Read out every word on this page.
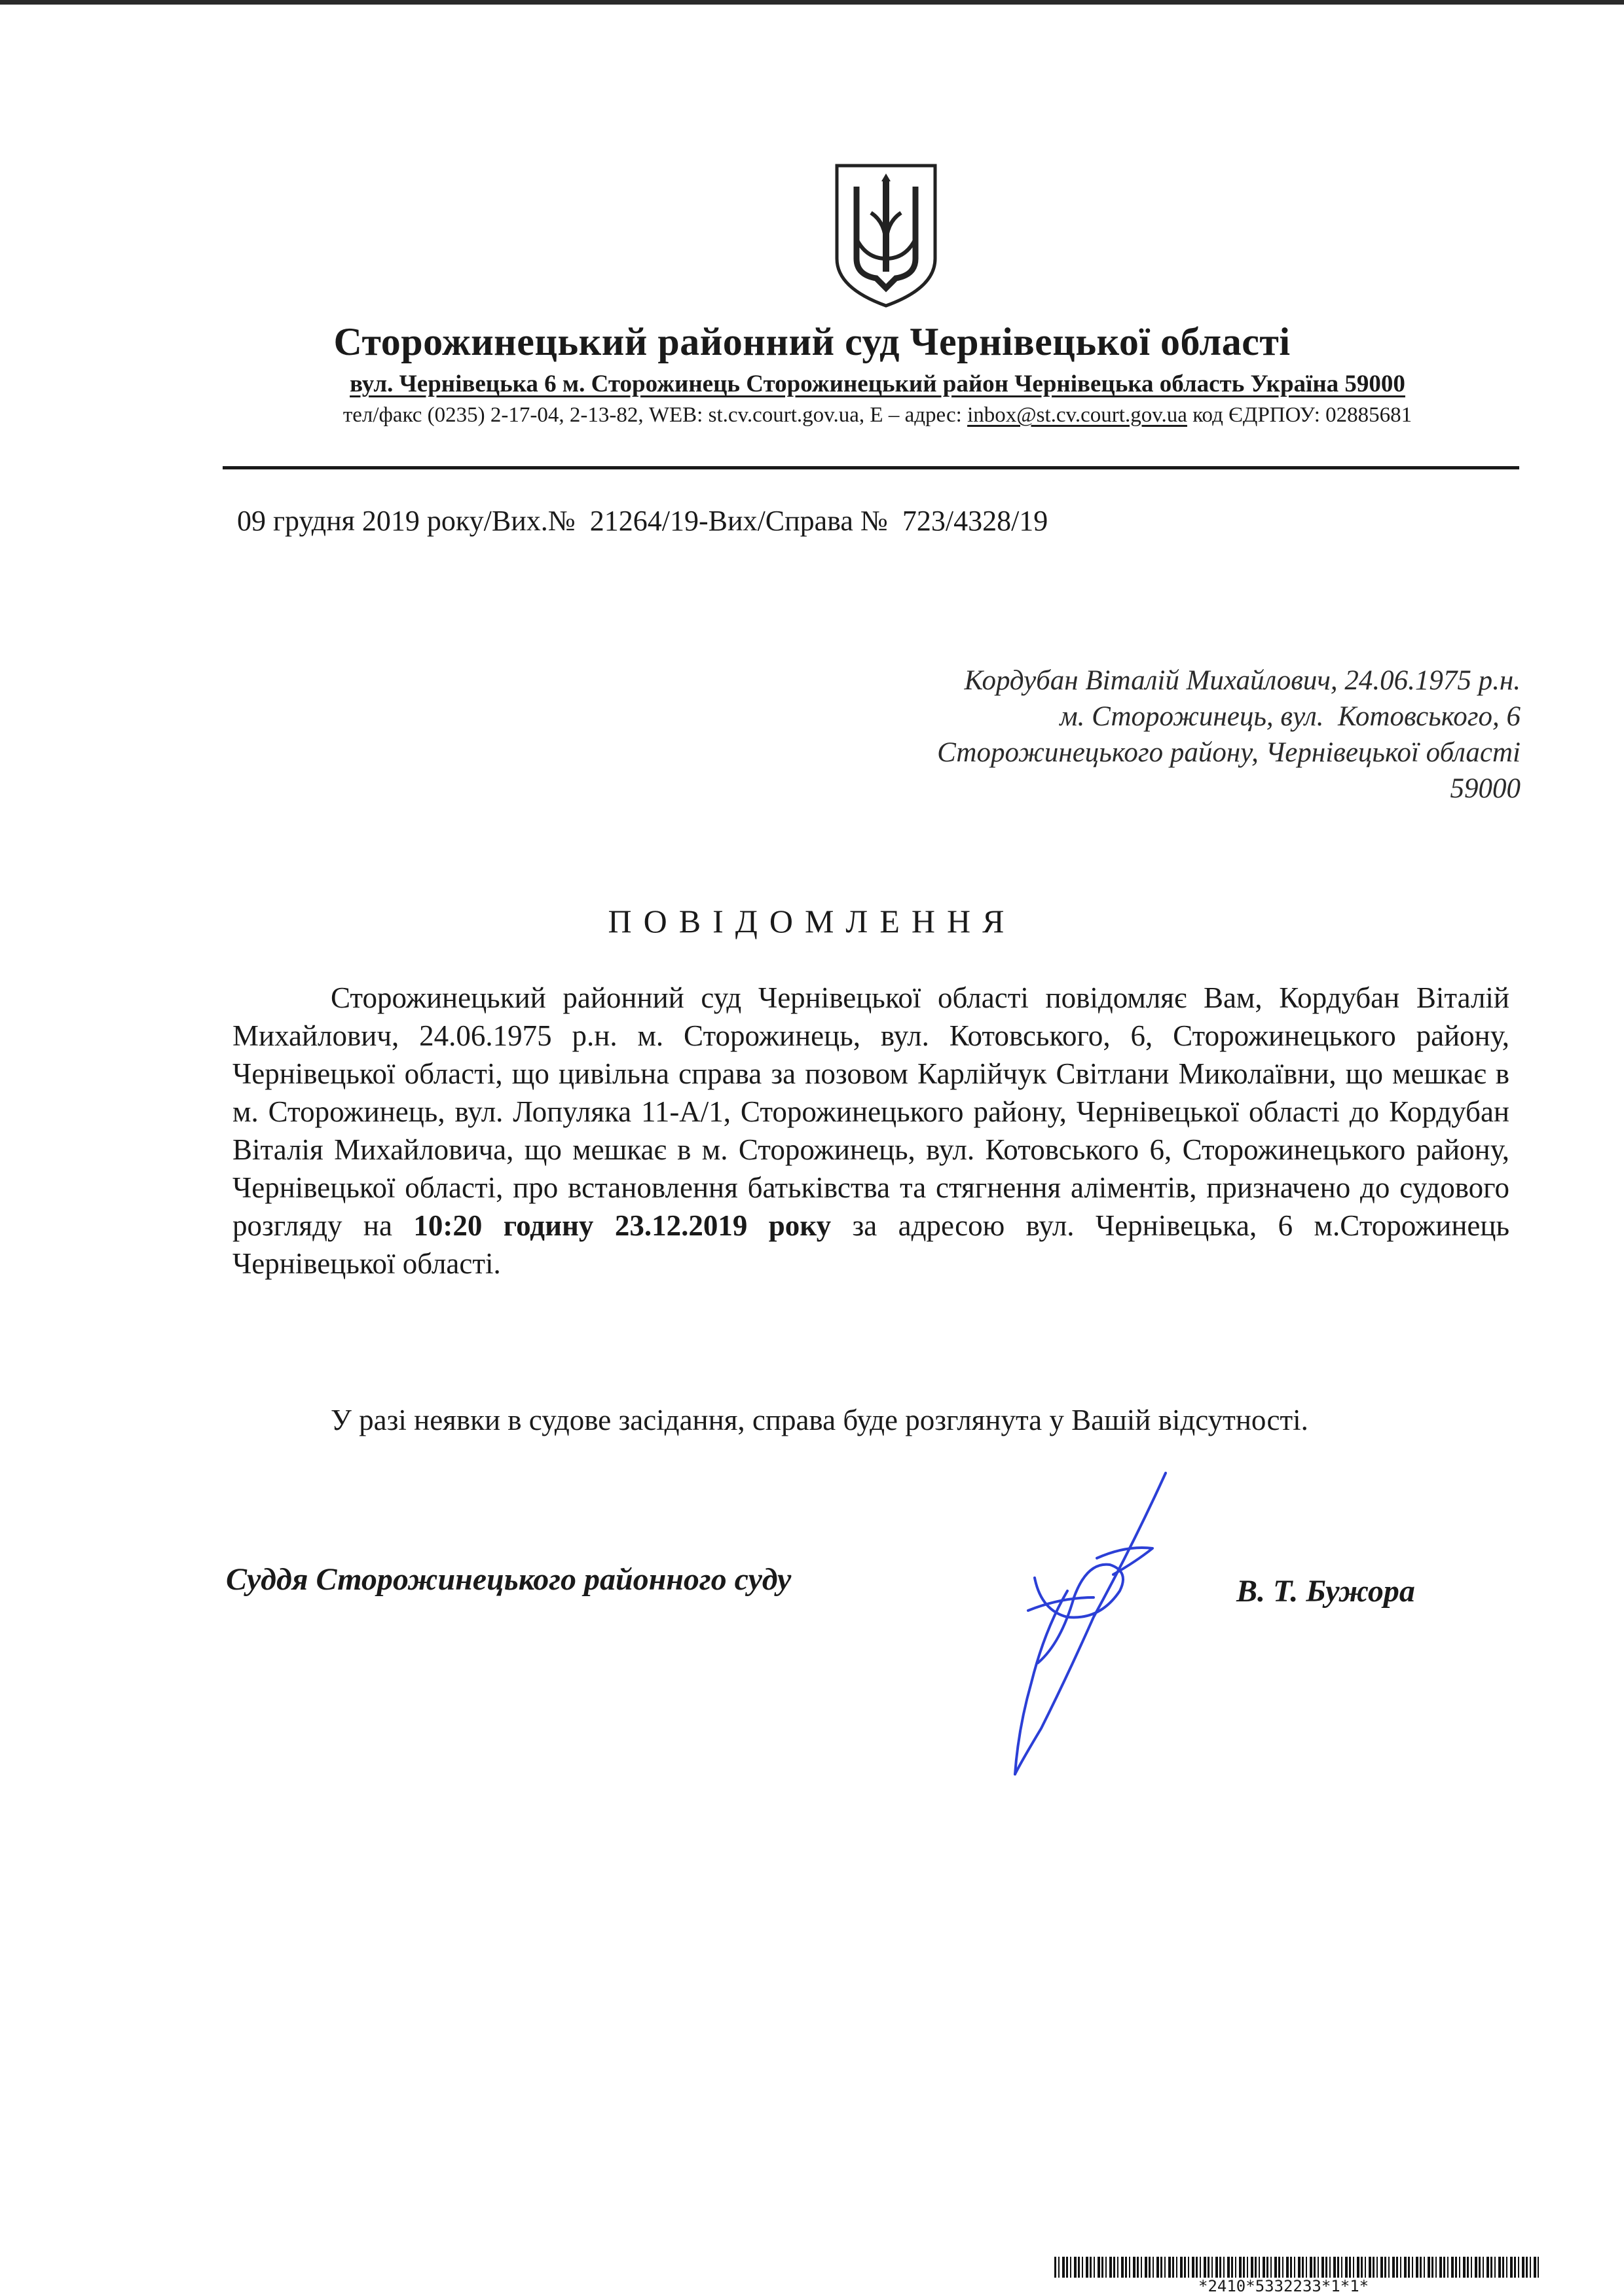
Сторожинецький районний суд Чернівецької області
вул. Чернівецька 6 м. Сторожинець Сторожинецький район Чернівецька область Україна 59000
тел/факс (0235) 2-17-04, 2-13-82, WEB: st.cv.court.gov.ua, Е – адрес: inbox@st.cv.court.gov.ua код ЄДРПОУ: 02885681
09 грудня 2019 року/Вих.№  21264/19-Вих/Справа №  723/4328/19
Кордубан Віталій Михайлович, 24.06.1975 р.н.
м. Сторожинець, вул.  Котовського, 6
Сторожинецького району, Чернівецької області
59000
ПОВІДОМЛЕННЯ

Сторожинецький районний суд Чернівецької області повідомляє Вам, Кордубан Віталій Михайлович, 24.06.1975 р.н. м. Сторожинець, вул. Котовського, 6, Сторожинецького району, Чернівецької області, що цивільна справа за позовом Карлійчук Світлани Миколаївни, що мешкає в м. Сторожинець, вул. Лопуляка 11-А/1, Сторожинецького району, Чернівецької області до Кордубан Віталія Михайловича, що мешкає в м. Сторожинець, вул. Котовського 6, Сторожинецького району, Чернівецької області, про встановлення батьківства та стягнення аліментів, призначено до судового розгляду на 10:20 годину 23.12.2019 року за адресою вул. Чернівецька, 6 м.Сторожинець Чернівецької області.

У разі неявки в судове засідання, справа буде розглянута у Вашій відсутності.

Суддя Сторожинецького районного суду	В. Т. Бужора
*2410*5332233*1*1*
